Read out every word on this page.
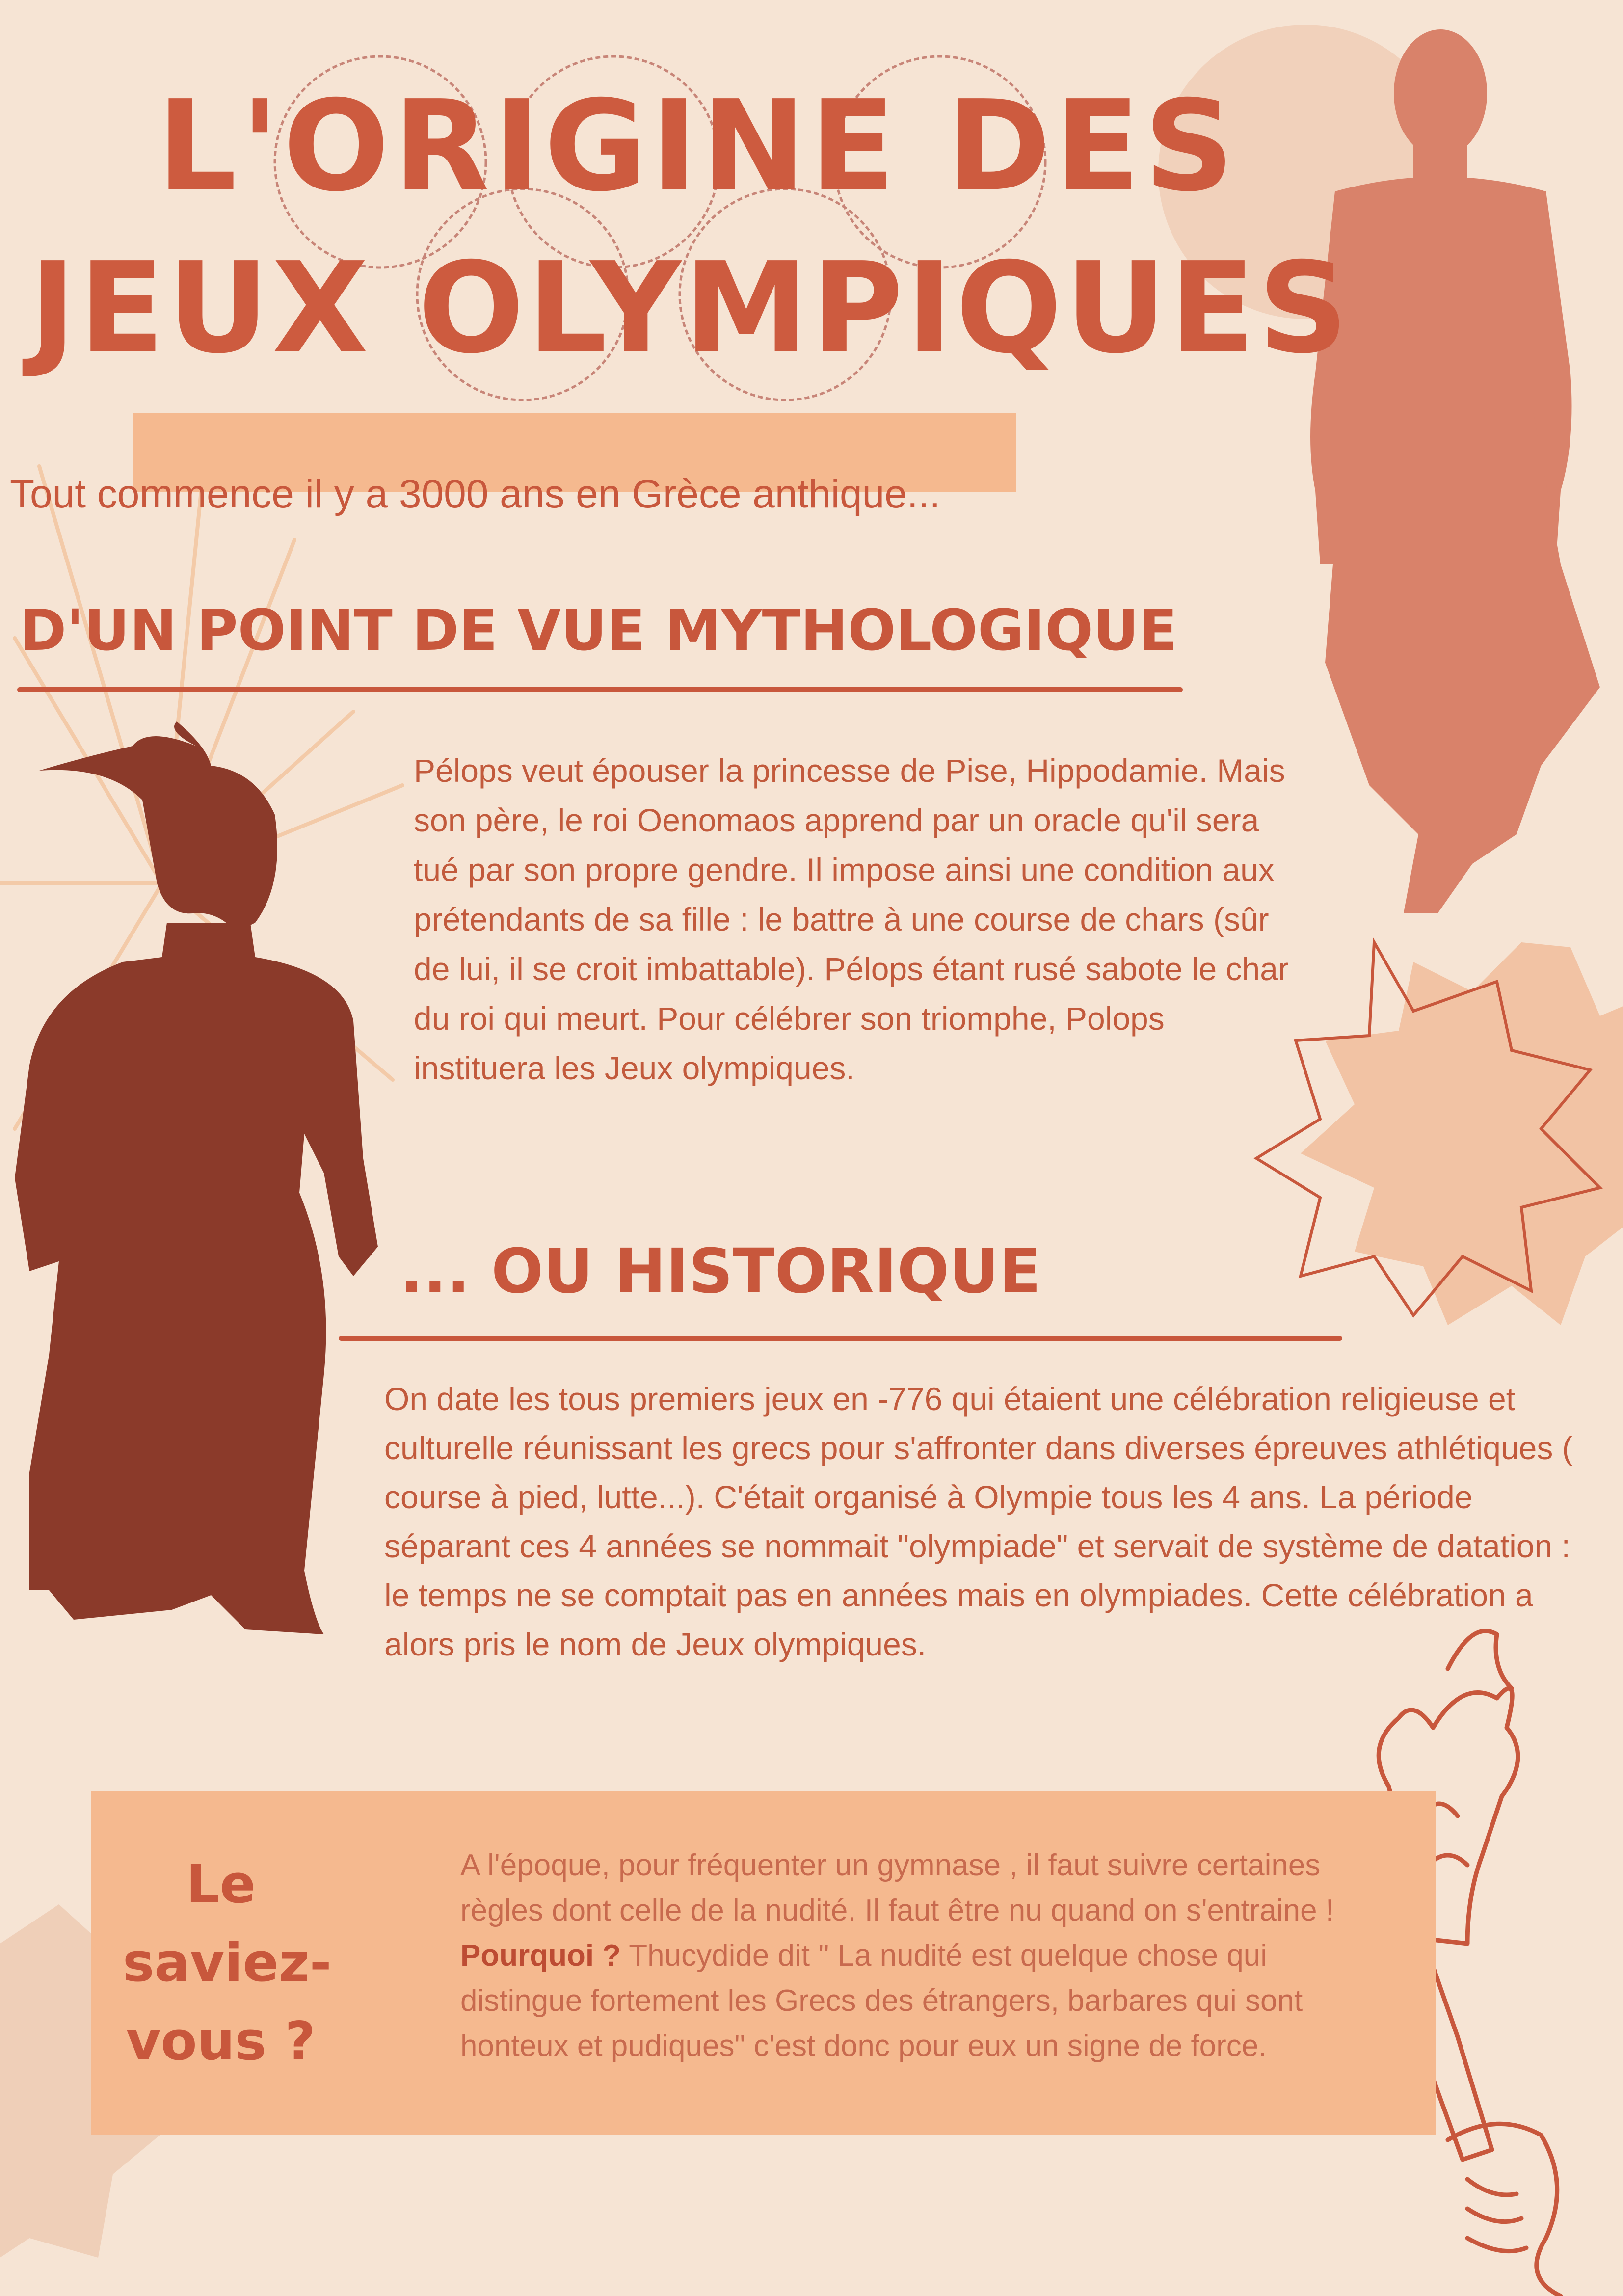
L'ORIGINE DES
JEUX OLYMPIQUES

Tout commence il y a 3000 ans en Grèce anthique...

D'UN POINT DE VUE MYTHOLOGIQUE

Pélops veut épouser la princesse de Pise, Hippodamie. Mais son père, le roi Oenomaos apprend par un oracle qu'il sera tué par son propre gendre. Il impose ainsi une condition aux prétendants de sa fille : le battre à une course de chars (sûr de lui, il se croit imbattable). Pélops étant rusé sabote le char du roi qui meurt. Pour célébrer son triomphe, Polops instituera les Jeux olympiques.

... OU HISTORIQUE

On date les tous premiers jeux en -776 qui étaient une célébration religieuse et culturelle réunissant les grecs pour s'affronter dans diverses épreuves athlétiques ( course à pied, lutte...). C'était organisé à Olympie tous les 4 ans. La période séparant ces 4 années se nommait "olympiade" et servait de système de datation : le temps ne se comptait pas en années mais en olympiades. Cette célébration a alors pris le nom de Jeux olympiques.

Le saviez-vous ?

A l'époque, pour fréquenter un gymnase , il faut suivre certaines règles dont celle de la nudité. Il faut être nu quand on s'entraine ! Pourquoi ? Thucydide dit " La nudité est quelque chose qui distingue fortement les Grecs des étrangers, barbares qui sont honteux et pudiques" c'est donc pour eux un signe de force.
